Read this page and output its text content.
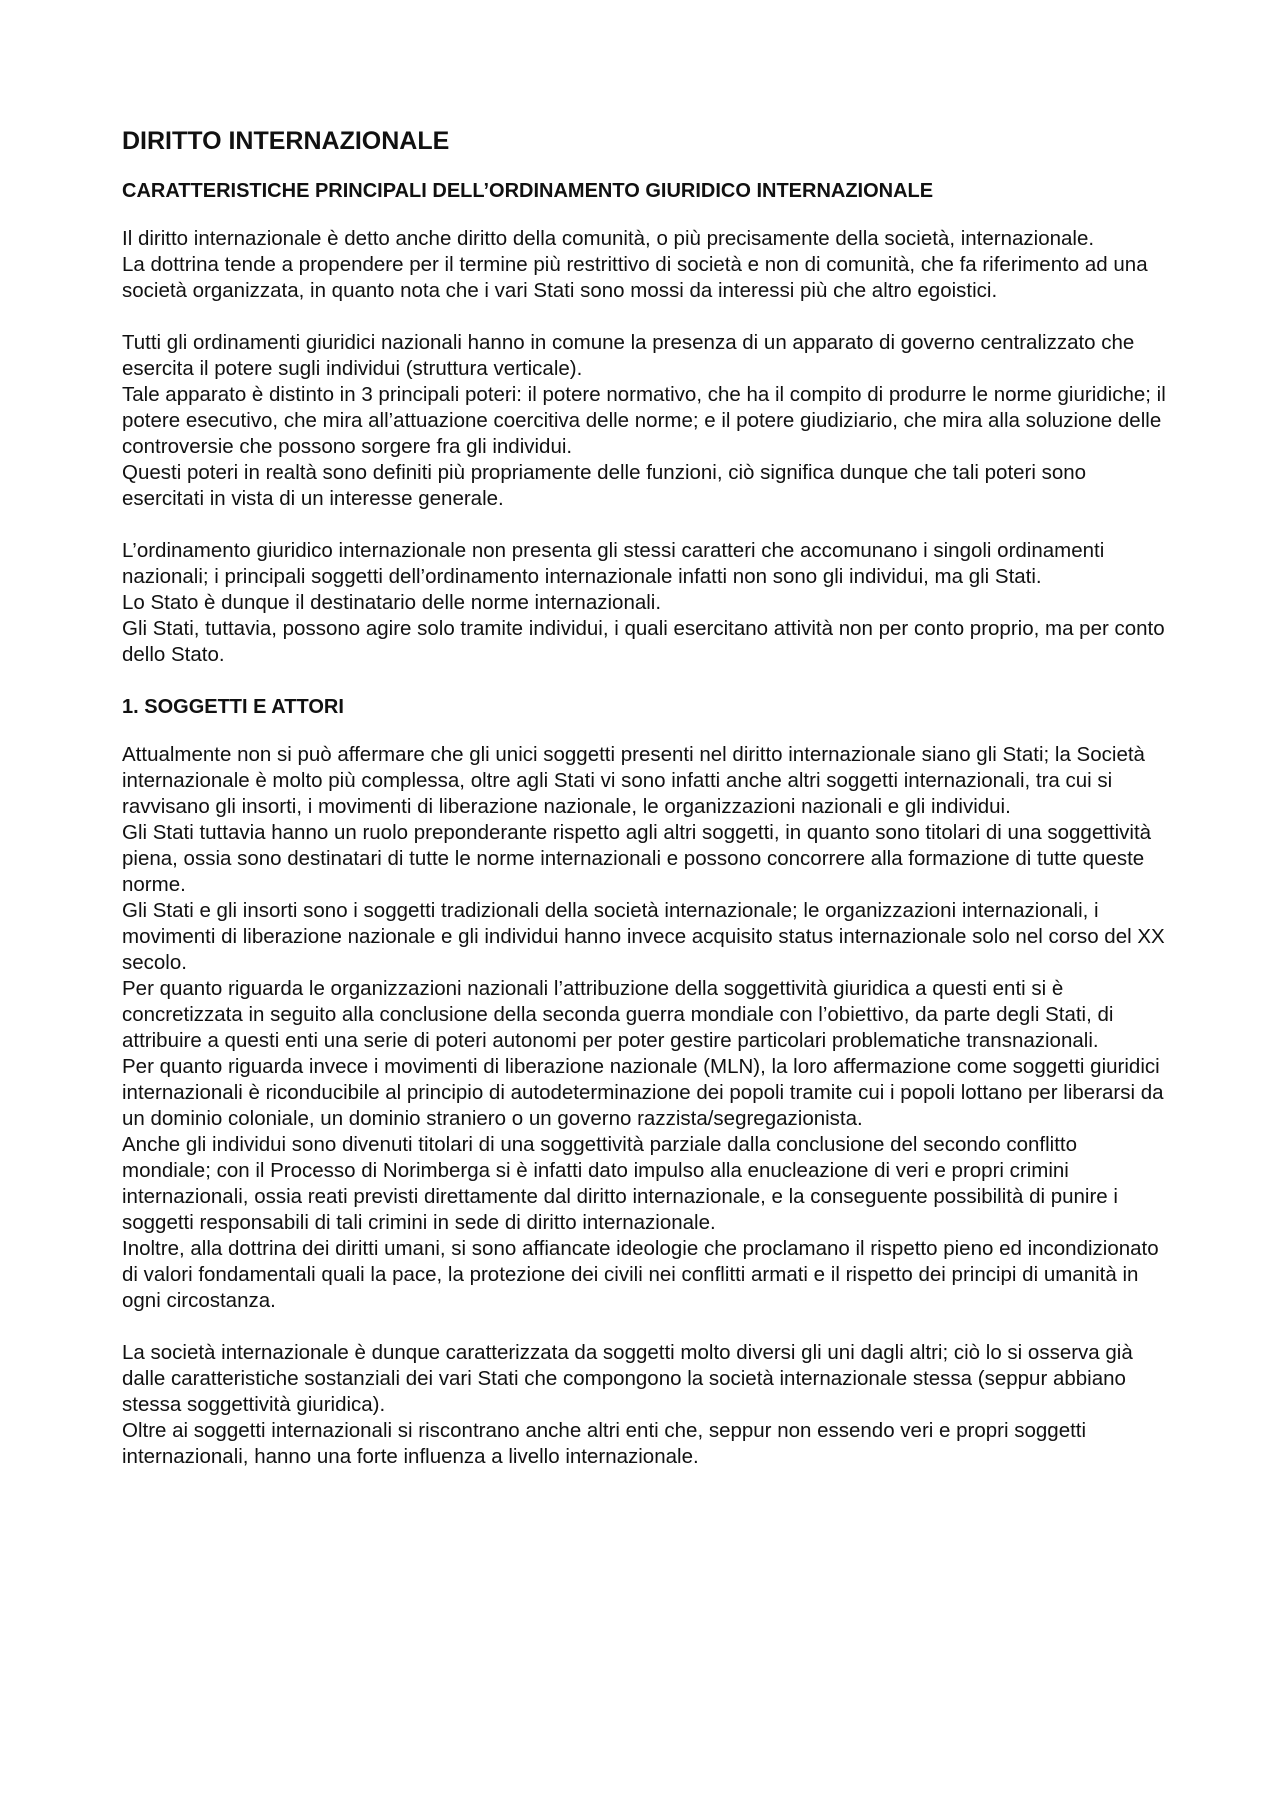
DIRITTO INTERNAZIONALE
CARATTERISTICHE PRINCIPALI DELL’ORDINAMENTO GIURIDICO INTERNAZIONALE

Il diritto internazionale è detto anche diritto della comunità, o più precisamente della società, internazionale.

La dottrina tende a propendere per il termine più restrittivo di società e non di comunità, che fa riferimento ad una società organizzata, in quanto nota che i vari Stati sono mossi da interessi più che altro egoistici.

Tutti gli ordinamenti giuridici nazionali hanno in comune la presenza di un apparato di governo centralizzato che esercita il potere sugli individui (struttura verticale).

Tale apparato è distinto in 3 principali poteri: il potere normativo, che ha il compito di produrre le norme giuridiche; il potere esecutivo, che mira all’attuazione coercitiva delle norme; e il potere giudiziario, che mira alla soluzione delle controversie che possono sorgere fra gli individui.

Questi poteri in realtà sono definiti più propriamente delle funzioni, ciò significa dunque che tali poteri sono esercitati in vista di un interesse generale.

L’ordinamento giuridico internazionale non presenta gli stessi caratteri che accomunano i singoli ordinamenti nazionali; i principali soggetti dell’ordinamento internazionale infatti non sono gli individui, ma gli Stati.

Lo Stato è dunque il destinatario delle norme internazionali.

Gli Stati, tuttavia, possono agire solo tramite individui, i quali esercitano attività non per conto proprio, ma per conto dello Stato.

1. SOGGETTI E ATTORI

Attualmente non si può affermare che gli unici soggetti presenti nel diritto internazionale siano gli Stati; la Società internazionale è molto più complessa, oltre agli Stati vi sono infatti anche altri soggetti internazionali, tra cui si ravvisano gli insorti, i movimenti di liberazione nazionale, le organizzazioni nazionali e gli individui.

Gli Stati tuttavia hanno un ruolo preponderante rispetto agli altri soggetti, in quanto sono titolari di una soggettività piena, ossia sono destinatari di tutte le norme internazionali e possono concorrere alla formazione di tutte queste norme.

Gli Stati e gli insorti sono i soggetti tradizionali della società internazionale; le organizzazioni internazionali, i movimenti di liberazione nazionale e gli individui hanno invece acquisito status internazionale solo nel corso del XX secolo.

Per quanto riguarda le organizzazioni nazionali l’attribuzione della soggettività giuridica a questi enti si è concretizzata in seguito alla conclusione della seconda guerra mondiale con l’obiettivo, da parte degli Stati, di attribuire a questi enti una serie di poteri autonomi per poter gestire particolari problematiche transnazionali.

Per quanto riguarda invece i movimenti di liberazione nazionale (MLN), la loro affermazione come soggetti giuridici internazionali è riconducibile al principio di autodeterminazione dei popoli tramite cui i popoli lottano per liberarsi da un dominio coloniale, un dominio straniero o un governo razzista/segregazionista.

Anche gli individui sono divenuti titolari di una soggettività parziale dalla conclusione del secondo conflitto mondiale; con il Processo di Norimberga si è infatti dato impulso alla enucleazione di veri e propri crimini internazionali, ossia reati previsti direttamente dal diritto internazionale, e la conseguente possibilità di punire i soggetti responsabili di tali crimini in sede di diritto internazionale.

Inoltre, alla dottrina dei diritti umani, si sono affiancate ideologie che proclamano il rispetto pieno ed incondizionato di valori fondamentali quali la pace, la protezione dei civili nei conflitti armati e il rispetto dei principi di umanità in ogni circostanza.

La società internazionale è dunque caratterizzata da soggetti molto diversi gli uni dagli altri; ciò lo si osserva già dalle caratteristiche sostanziali dei vari Stati che compongono la società internazionale stessa (seppur abbiano stessa soggettività giuridica).

Oltre ai soggetti internazionali si riscontrano anche altri enti che, seppur non essendo veri e propri soggetti internazionali, hanno una forte influenza a livello internazionale.
